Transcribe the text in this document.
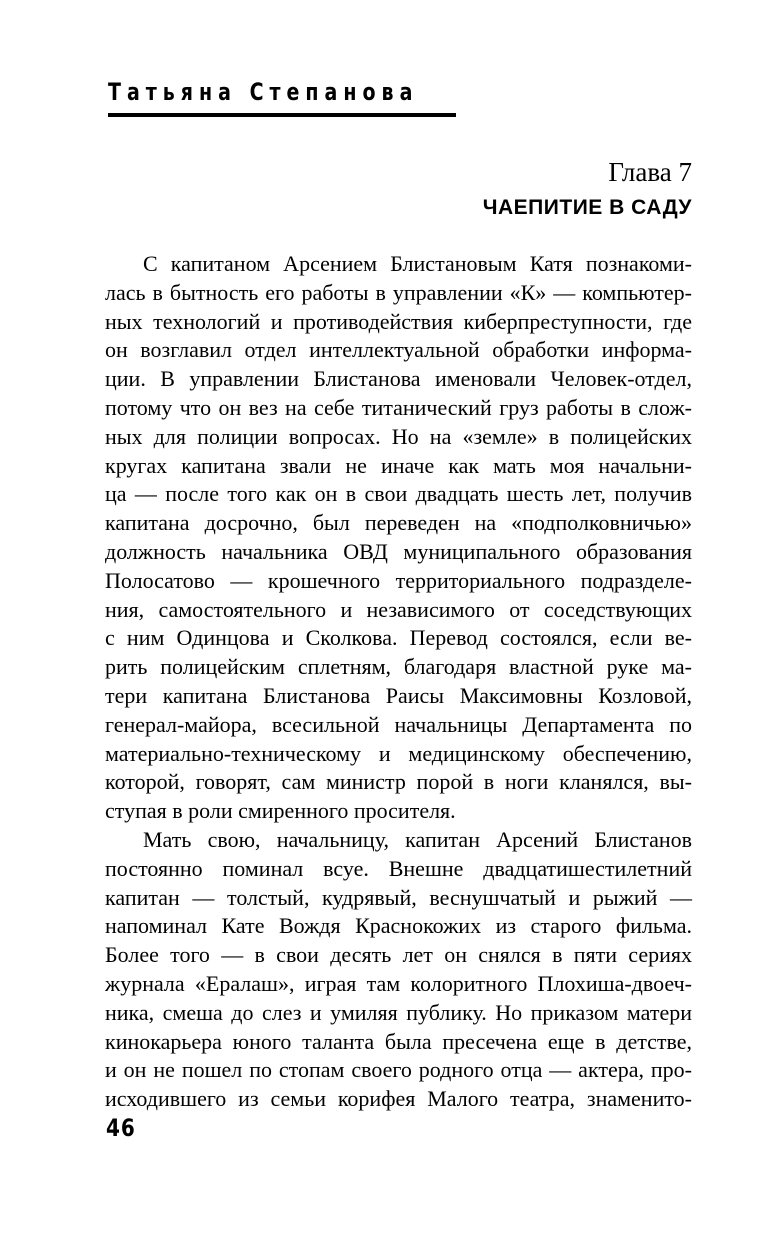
Татьяна Степанова
Глава 7
ЧАЕПИТИЕ В САДУ
С капитаном Арсением Блистановым Катя познакоми-
лась в бытность его работы в управлении «К» — компьютер-
ных технологий и противодействия киберпреступности, где
он возглавил отдел интеллектуальной обработки информа-
ции. В управлении Блистанова именовали Человек-отдел,
потому что он вез на себе титанический груз работы в слож-
ных для полиции вопросах. Но на «земле» в полицейских
кругах капитана звали не иначе как мать моя начальни-
ца — после того как он в свои двадцать шесть лет, получив
капитана досрочно, был переведен на «подполковничью»
должность начальника ОВД муниципального образования
Полосатово — крошечного территориального подразделе-
ния, самостоятельного и независимого от соседствующих
с ним Одинцова и Сколкова. Перевод состоялся, если ве-
рить полицейским сплетням, благодаря властной руке ма-
тери капитана Блистанова Раисы Максимовны Козловой,
генерал-майора, всесильной начальницы Департамента по
материально-техническому и медицинскому обеспечению,
которой, говорят, сам министр порой в ноги кланялся, вы-
ступая в роли смиренного просителя.
Мать свою, начальницу, капитан Арсений Блистанов
постоянно поминал всуе. Внешне двадцатишестилетний
капитан — толстый, кудрявый, веснушчатый и рыжий —
напоминал Кате Вождя Краснокожих из старого фильма.
Более того — в свои десять лет он снялся в пяти сериях
журнала «Ералаш», играя там колоритного Плохиша-двоеч-
ника, смеша до слез и умиляя публику. Но приказом матери
кинокарьера юного таланта была пресечена еще в детстве,
и он не пошел по стопам своего родного отца — актера, про-
исходившего из семьи корифея Малого театра, знаменито-
46
